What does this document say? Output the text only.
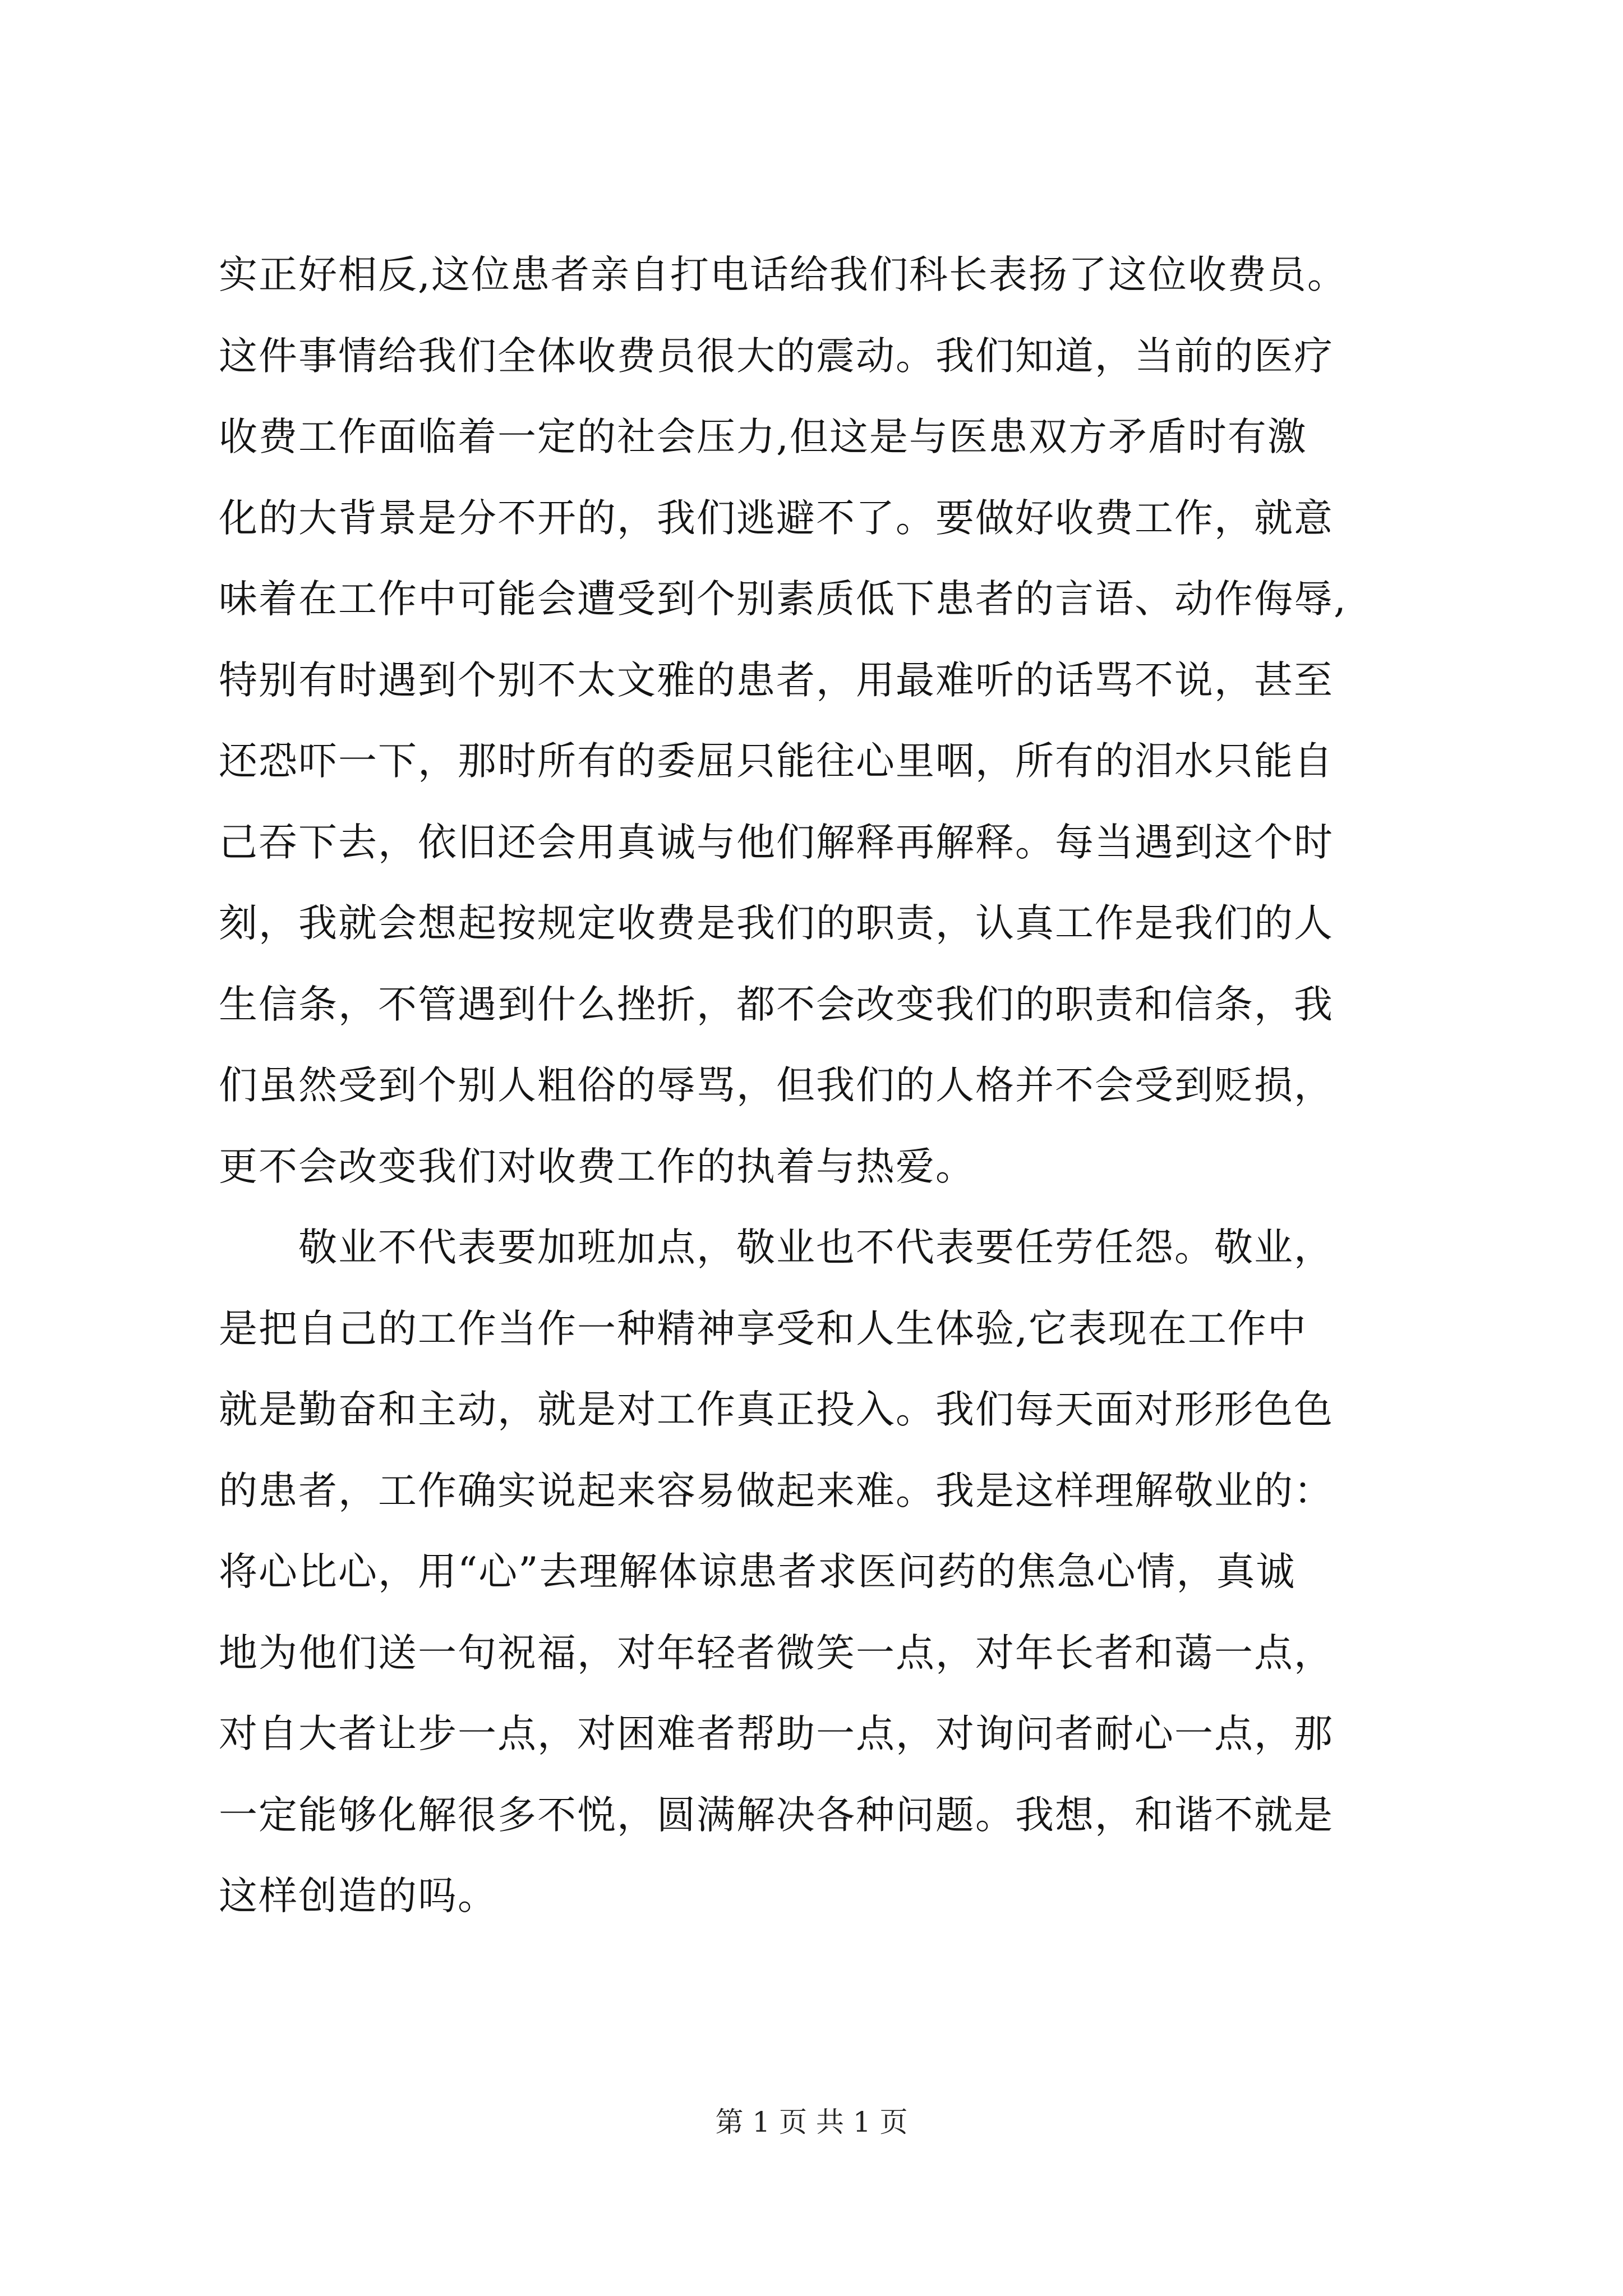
实正好相反,这位患者亲自打电话给我们科长表扬了这位收费员。
这件事情给我们全体收费员很大的震动。我们知道，当前的医疗
收费工作面临着一定的社会压力,但这是与医患双方矛盾时有激
化的大背景是分不开的，我们逃避不了。要做好收费工作，就意
味着在工作中可能会遭受到个别素质低下患者的言语、动作侮辱,
特别有时遇到个别不太文雅的患者，用最难听的话骂不说，甚至
还恐吓一下，那时所有的委屈只能往心里咽，所有的泪水只能自
己吞下去，依旧还会用真诚与他们解释再解释。每当遇到这个时
刻，我就会想起按规定收费是我们的职责，认真工作是我们的人
生信条，不管遇到什么挫折，都不会改变我们的职责和信条，我
们虽然受到个别人粗俗的辱骂，但我们的人格并不会受到贬损，
更不会改变我们对收费工作的执着与热爱。
　　敬业不代表要加班加点，敬业也不代表要任劳任怨。敬业，
是把自己的工作当作一种精神享受和人生体验,它表现在工作中
就是勤奋和主动，就是对工作真正投入。我们每天面对形形色色
的患者，工作确实说起来容易做起来难。我是这样理解敬业的：
将心比心，用“心”去理解体谅患者求医问药的焦急心情，真诚
地为他们送一句祝福，对年轻者微笑一点，对年长者和蔼一点，
对自大者让步一点，对困难者帮助一点，对询问者耐心一点，那
一定能够化解很多不悦，圆满解决各种问题。我想，和谐不就是
这样创造的吗。
第 1 页 共 1 页
